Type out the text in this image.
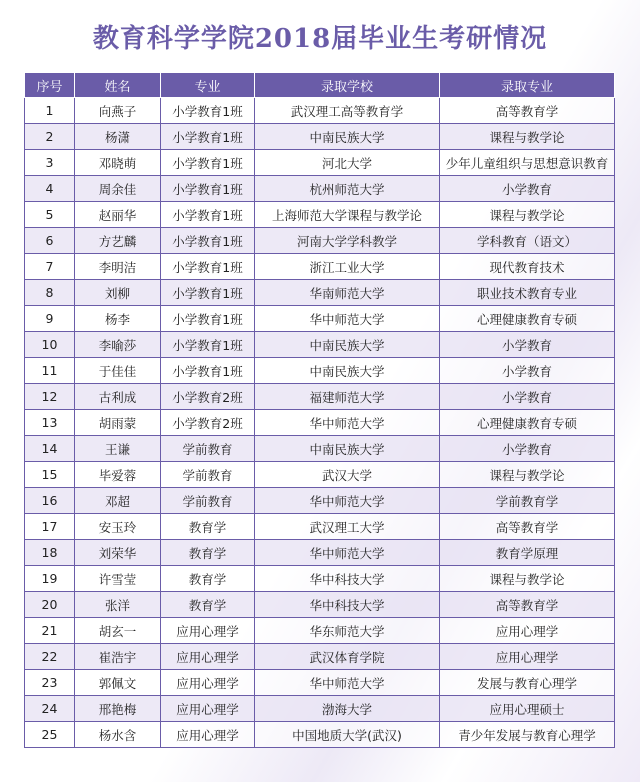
教育科学学院2018届毕业生考研情况
序号	姓名	专业	录取学校	录取专业
1	向燕子	小学教育1班	武汉理工高等教育学	高等教育学
2	杨潇	小学教育1班	中南民族大学	课程与教学论
3	邓晓萌	小学教育1班	河北大学	少年儿童组织与思想意识教育
4	周余佳	小学教育1班	杭州师范大学	小学教育
5	赵丽华	小学教育1班	上海师范大学课程与教学论	课程与教学论
6	方艺麟	小学教育1班	河南大学学科教学	学科教育（语文）
7	李明洁	小学教育1班	浙江工业大学	现代教育技术
8	刘柳	小学教育1班	华南师范大学	职业技术教育专业
9	杨李	小学教育1班	华中师范大学	心理健康教育专硕
10	李喻莎	小学教育1班	中南民族大学	小学教育
11	于佳佳	小学教育1班	中南民族大学	小学教育
12	古利成	小学教育2班	福建师范大学	小学教育
13	胡雨蒙	小学教育2班	华中师范大学	心理健康教育专硕
14	王谦	学前教育	中南民族大学	小学教育
15	毕爱蓉	学前教育	武汉大学	课程与教学论
16	邓超	学前教育	华中师范大学	学前教育学
17	安玉玲	教育学	武汉理工大学	高等教育学
18	刘荣华	教育学	华中师范大学	教育学原理
19	许雪莹	教育学	华中科技大学	课程与教学论
20	张洋	教育学	华中科技大学	高等教育学
21	胡玄一	应用心理学	华东师范大学	应用心理学
22	崔浩宇	应用心理学	武汉体育学院	应用心理学
23	郭佩文	应用心理学	华中师范大学	发展与教育心理学
24	邢艳梅	应用心理学	渤海大学	应用心理硕士
25	杨水含	应用心理学	中国地质大学(武汉)	青少年发展与教育心理学
